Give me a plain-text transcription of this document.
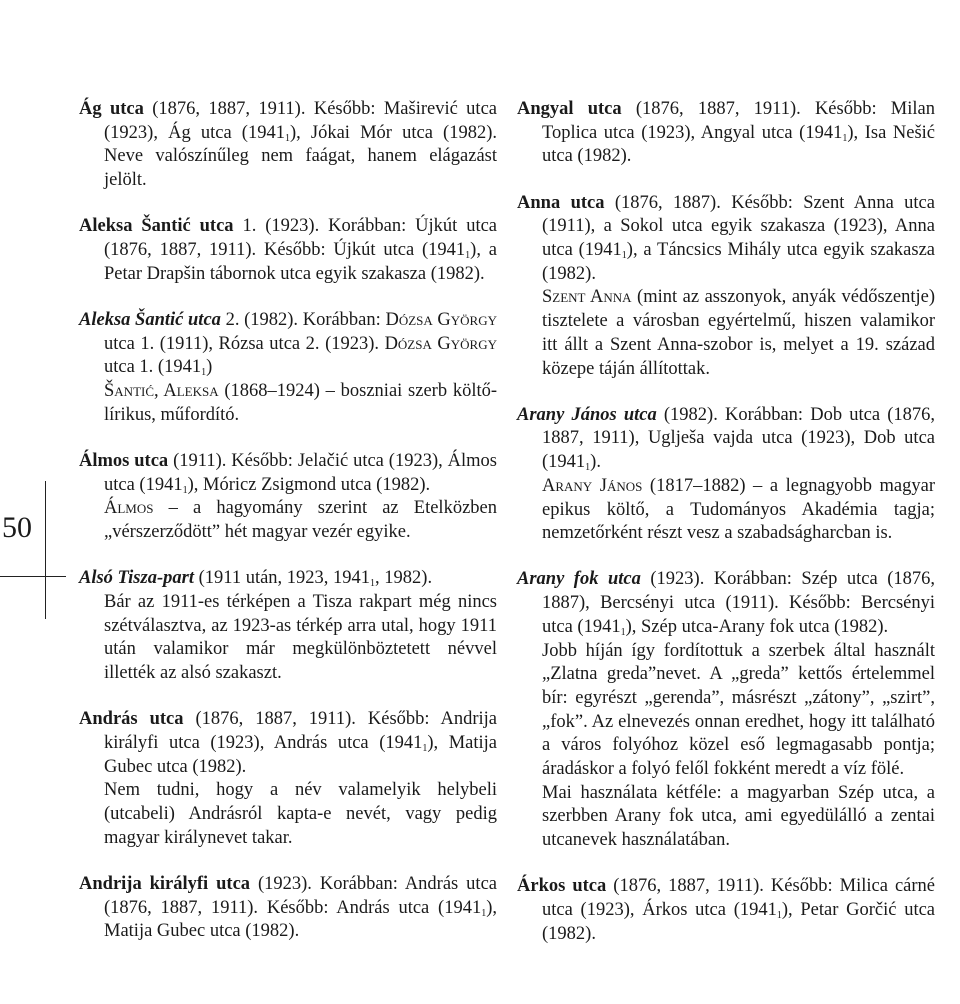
50

Ág utca (1876, 1887, 1911). Később: Maširević utca (1923), Ág utca $(1941_1)$, Jókai Mór utca (1982). Neve valószínűleg nem faágat, hanem elágazást jelölt.

Aleksa Šantić utca 1. (1923). Korábban: Újkút utca (1876, 1887, 1911). Később: Újkút utca $(1941_1)$, a Petar Drapšin tábornok utca egyik szakasza (1982).

Aleksa Šantić utca 2. (1982). Korábban: Dózsa György utca 1. (1911), Rózsa utca 2. (1923). Dózsa György utca 1. $(1941_1)$

Šantić, Aleksa (1868–1924) – boszniai szerb költő-lírikus, műfordító.

Álmos utca (1911). Később: Jelačić utca (1923), Álmos utca $(1941_1)$, Móricz Zsigmond utca (1982).

Álmos – a hagyomány szerint az Etelközben „vérszerződött” hét magyar vezér egyike.

Alsó Tisza-part (1911 után, 1923, $1941_1$, 1982).

Bár az 1911-es térképen a Tisza rakpart még nincs szétválasztva, az 1923-as térkép arra utal, hogy 1911 után valamikor már megkülönböztetett névvel illették az alsó szakaszt.

András utca (1876, 1887, 1911). Később: Andrija királyfi utca (1923), András utca $(1941_1)$, Matija Gubec utca (1982).

Nem tudni, hogy a név valamelyik helybeli (utcabeli) Andrásról kapta-e nevét, vagy pedig magyar királynevet takar.

Andrija királyfi utca (1923). Korábban: András utca (1876, 1887, 1911). Később: András utca $(1941_1)$, Matija Gubec utca (1982).

Angyal utca (1876, 1887, 1911). Később: Milan Toplica utca (1923), Angyal utca $(1941_1)$, Isa Nešić utca (1982).

Anna utca (1876, 1887). Később: Szent Anna utca (1911), a Sokol utca egyik szakasza (1923), Anna utca $(1941_1)$, a Táncsics Mihály utca egyik szakasza (1982).

Szent Anna (mint az asszonyok, anyák védőszentje) tisztelete a városban egyértelmű, hiszen valamikor itt állt a Szent Anna-szobor is, melyet a 19. század közepe táján állítottak.

Arany János utca (1982). Korábban: Dob utca (1876, 1887, 1911), Uglješa vajda utca (1923), Dob utca $(1941_1)$.

Arany János (1817–1882) – a legnagyobb magyar epikus költő, a Tudományos Akadémia tagja; nemzetőrként részt vesz a szabadságharcban is.

Arany fok utca (1923). Korábban: Szép utca (1876, 1887), Bercsényi utca (1911). Később: Bercsényi utca $(1941_1)$, Szép utca-Arany fok utca (1982).

Jobb híján így fordítottuk a szerbek által használt „Zlatna greda”nevet. A „greda” kettős értelemmel bír: egyrészt „gerenda”, másrészt „zátony”, „szirt”, „fok”. Az elnevezés onnan eredhet, hogy itt található a város folyóhoz közel eső legmagasabb pontja; áradáskor a folyó felől fokként meredt a víz fölé.

Mai használata kétféle: a magyarban Szép utca, a szerbben Arany fok utca, ami egyedülálló a zentai utcanevek használatában.

Árkos utca (1876, 1887, 1911). Később: Milica cárné utca (1923), Árkos utca $(1941_1)$, Petar Gorčić utca (1982).
